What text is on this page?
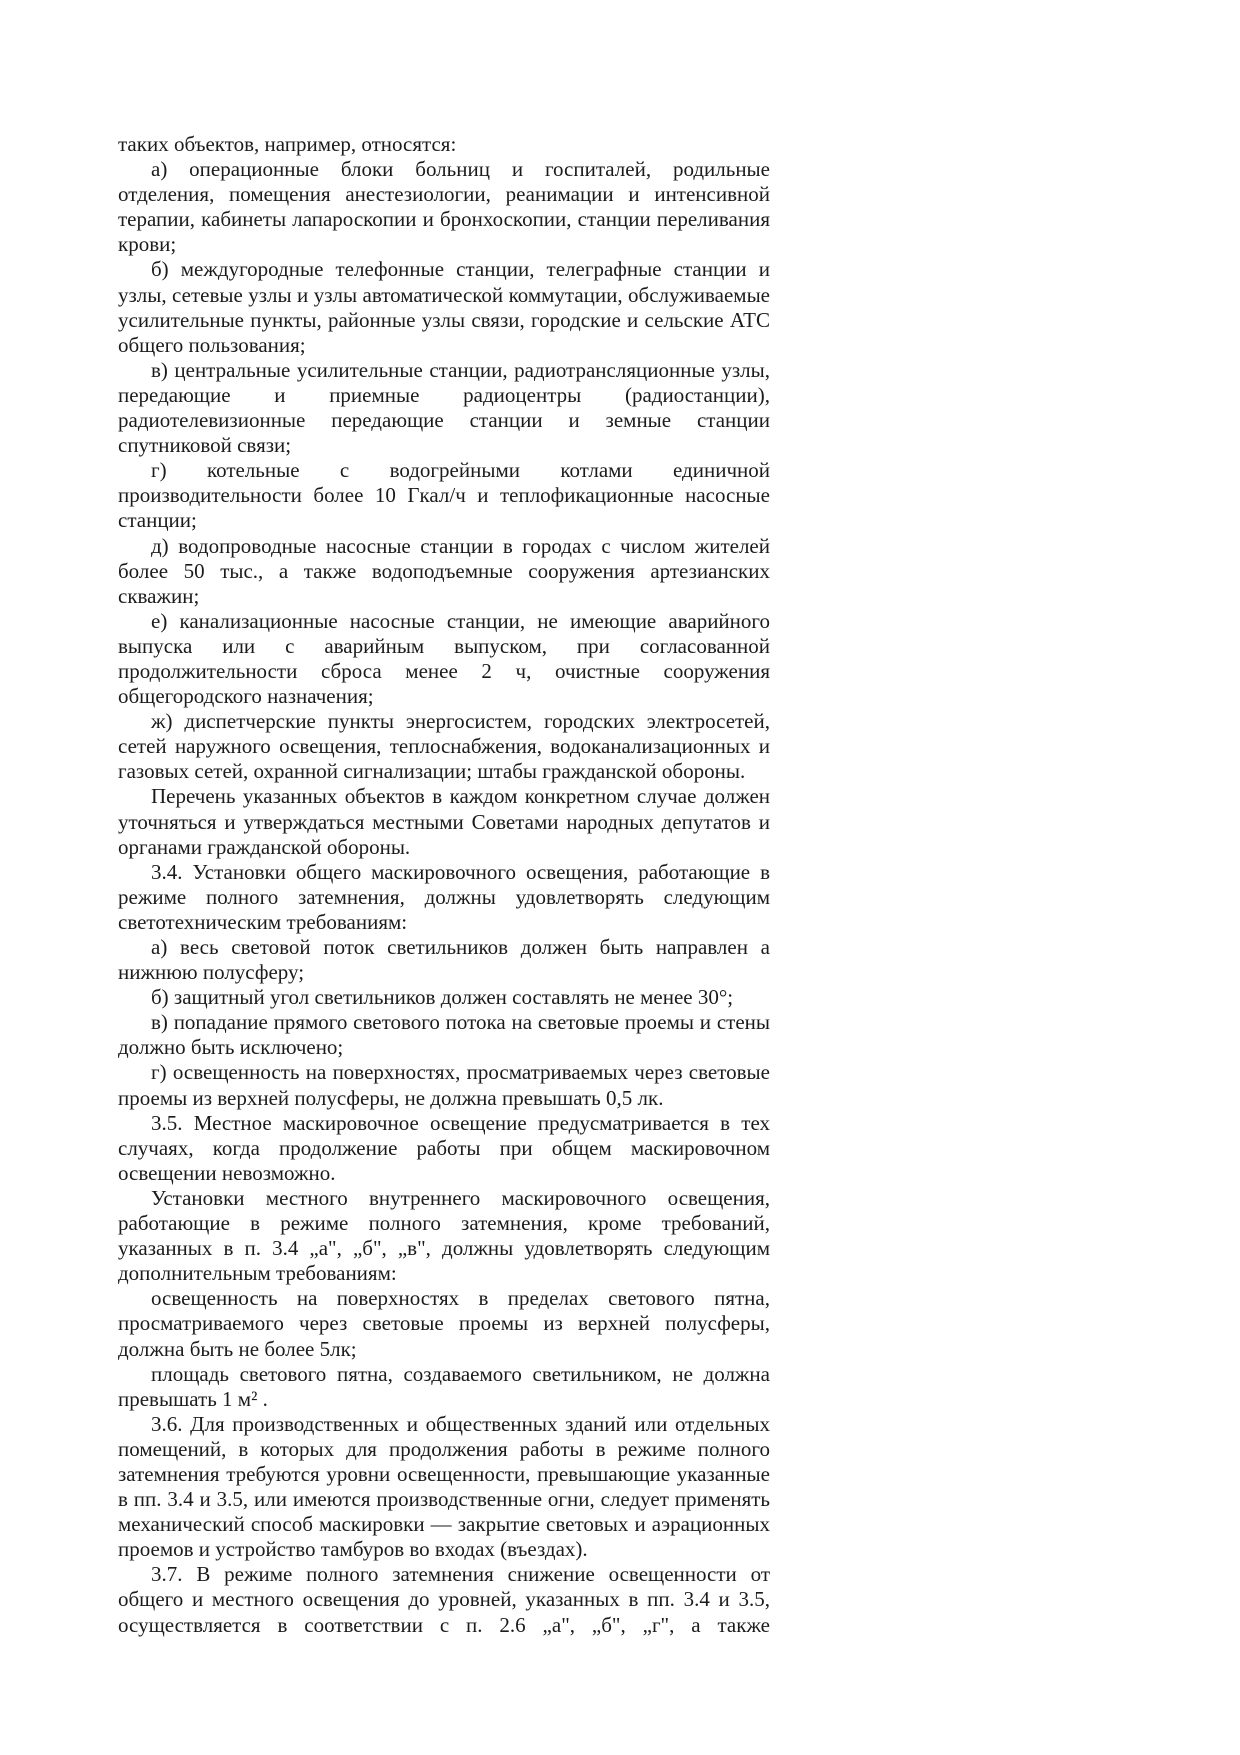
таких объектов, например, относятся:

а) операционные блоки больниц и госпиталей, родильные отделения, помещения анестезиологии, реанимации и интенсивной терапии, кабинеты лапароскопии и бронхоскопии, станции переливания крови;

б) междугородные телефонные станции, телеграфные станции и узлы, сетевые узлы и узлы автоматической коммутации, обслуживаемые усилительные пункты, районные узлы связи, городские и сельские АТС общего пользования;

в) центральные усилительные станции, радиотрансляционные узлы, передающие и приемные радиоцентры (радиостанции), радиотелевизионные передающие станции и земные станции спутниковой связи;

г) котельные с водогрейными котлами единичной производительности более 10 Гкал/ч и теплофикационные насосные станции;

д) водопроводные насосные станции в городах с числом жителей более 50 тыс., а также водоподъемные сооружения артезианских скважин;

е) канализационные насосные станции, не имеющие аварийного выпуска или с аварийным выпуском, при согласованной продолжительности сброса менее 2 ч, очистные сооружения общегородского назначения;

ж) диспетчерские пункты энергосистем, городских электросетей, сетей наружного освещения, теплоснабжения, водоканализационных и газовых сетей, охранной сигнализации; штабы гражданской обороны.

Перечень указанных объектов в каждом конкретном случае должен уточняться и утверждаться местными Советами народных депутатов и органами гражданской обороны.

3.4. Установки общего маскировочного освещения, работающие в режиме полного затемнения, должны удовлетворять следующим светотехническим требованиям:

а) весь световой поток светильников должен быть направлен а нижнюю полусферу;

б) защитный угол светильников должен составлять не менее 30°;

в) попадание прямого светового потока на световые проемы и стены должно быть исключено;

г) освещенность на поверхностях, просматриваемых через световые проемы из верхней полусферы, не должна превышать 0,5 лк.

3.5. Местное маскировочное освещение предусматривается в тех случаях, когда продолжение работы при общем маскировочном освещении невозможно.

Установки местного внутреннего маскировочного освещения, работающие в режиме полного затемнения, кроме требований, указанных в п. 3.4 „а", „б", „в", должны удовлетворять следующим дополнительным требованиям:

освещенность на поверхностях в пределах светового пятна, просматриваемого через световые проемы из верхней полусферы, должна быть не более 5лк;

площадь светового пятна, создаваемого светильником, не должна превышать 1 м² .

3.6. Для производственных и общественных зданий или отдельных помещений, в которых для продолжения работы в режиме полного затемнения требуются уровни освещенности, превышающие указанные в пп. 3.4 и 3.5, или имеются производственные огни, следует применять механический способ маскировки — закрытие световых и аэрационных проемов и устройство тамбуров во входах (въездах).

3.7. В режиме полного затемнения снижение освещенности от общего и местного освещения до уровней, указанных в пп. 3.4 и 3.5, осуществляется в соответствии с п. 2.6 „а", „б", „г", а также
